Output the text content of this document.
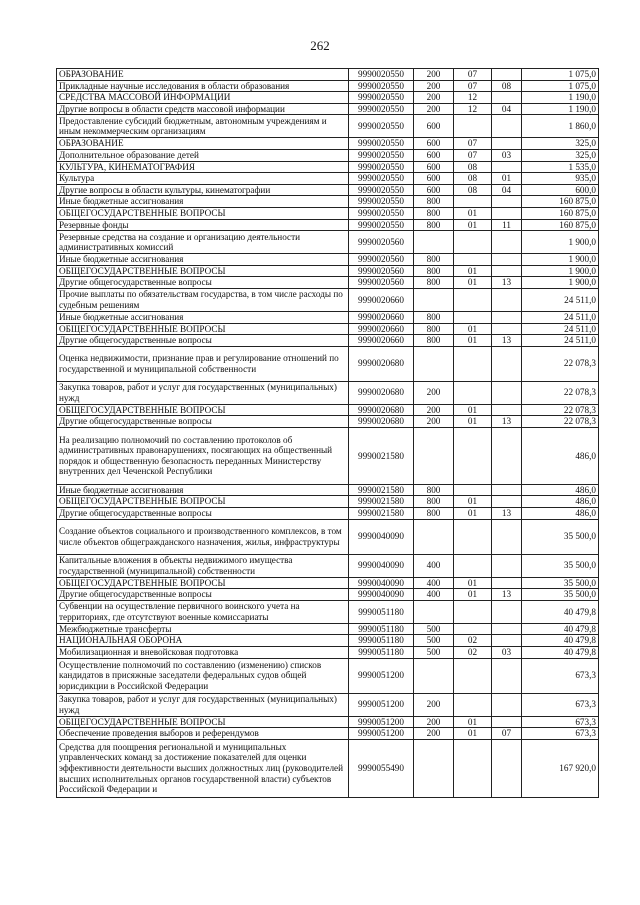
262
ОБРАЗОВАНИЕ	9990020550	200	07		1 075,0
Прикладные научные исследования в области образования	9990020550	200	07	08	1 075,0
СРЕДСТВА МАССОВОЙ ИНФОРМАЦИИ	9990020550	200	12		1 190,0
Другие вопросы в области средств массовой информации	9990020550	200	12	04	1 190,0
Предоставление субсидий бюджетным, автономным учреждениям и иным некоммерческим организациям	9990020550	600			1 860,0
ОБРАЗОВАНИЕ	9990020550	600	07		325,0
Дополнительное образование детей	9990020550	600	07	03	325,0
КУЛЬТУРА, КИНЕМАТОГРАФИЯ	9990020550	600	08		1 535,0
Культура	9990020550	600	08	01	935,0
Другие вопросы в области культуры, кинематографии	9990020550	600	08	04	600,0
Иные бюджетные ассигнования	9990020550	800			160 875,0
ОБЩЕГОСУДАРСТВЕННЫЕ ВОПРОСЫ	9990020550	800	01		160 875,0
Резервные фонды	9990020550	800	01	11	160 875,0
Резервные средства на создание и организацию деятельности административных комиссий	9990020560				1 900,0
Иные бюджетные ассигнования	9990020560	800			1 900,0
ОБЩЕГОСУДАРСТВЕННЫЕ ВОПРОСЫ	9990020560	800	01		1 900,0
Другие общегосударственные вопросы	9990020560	800	01	13	1 900,0
Прочие выплаты по обязательствам государства, в том числе расходы по судебным решениям	9990020660				24 511,0
Иные бюджетные ассигнования	9990020660	800			24 511,0
ОБЩЕГОСУДАРСТВЕННЫЕ ВОПРОСЫ	9990020660	800	01		24 511,0
Другие общегосударственные вопросы	9990020660	800	01	13	24 511,0
Оценка недвижимости, признание прав и регулирование отношений по государственной и муниципальной собственности	9990020680				22 078,3
Закупка товаров, работ и услуг для государственных (муниципальных) нужд	9990020680	200			22 078,3
ОБЩЕГОСУДАРСТВЕННЫЕ ВОПРОСЫ	9990020680	200	01		22 078,3
Другие общегосударственные вопросы	9990020680	200	01	13	22 078,3
На реализацию полномочий по составлению протоколов об административных правонарушениях, посягающих на общественный порядок и общественную безопасность переданных Министерству внутренних дел Чеченской Республики	9990021580				486,0
Иные бюджетные ассигнования	9990021580	800			486,0
ОБЩЕГОСУДАРСТВЕННЫЕ ВОПРОСЫ	9990021580	800	01		486,0
Другие общегосударственные вопросы	9990021580	800	01	13	486,0
Создание объектов социального и производственного комплексов, в том числе объектов общегражданского назначения, жилья, инфраструктуры	9990040090				35 500,0
Капитальные вложения в объекты недвижимого имущества государственной (муниципальной) собственности	9990040090	400			35 500,0
ОБЩЕГОСУДАРСТВЕННЫЕ ВОПРОСЫ	9990040090	400	01		35 500,0
Другие общегосударственные вопросы	9990040090	400	01	13	35 500,0
Субвенции на осуществление первичного воинского учета на территориях, где отсутствуют военные комиссариаты	9990051180				40 479,8
Межбюджетные трансферты	9990051180	500			40 479,8
НАЦИОНАЛЬНАЯ ОБОРОНА	9990051180	500	02		40 479,8
Мобилизационная и вневойсковая подготовка	9990051180	500	02	03	40 479,8
Осуществление полномочий по составлению (изменению) списков кандидатов в присяжные заседатели федеральных судов общей юрисдикции в Российской Федерации	9990051200				673,3
Закупка товаров, работ и услуг для государственных (муниципальных) нужд	9990051200	200			673,3
ОБЩЕГОСУДАРСТВЕННЫЕ ВОПРОСЫ	9990051200	200	01		673,3
Обеспечение проведения выборов и референдумов	9990051200	200	01	07	673,3
Средства для поощрения региональной и муниципальных управленческих команд за достижение показателей для оценки эффективности деятельности высших должностных лиц (руководителей высших исполнительных органов государственной власти) субъектов Российской Федерации и	9990055490				167 920,0
